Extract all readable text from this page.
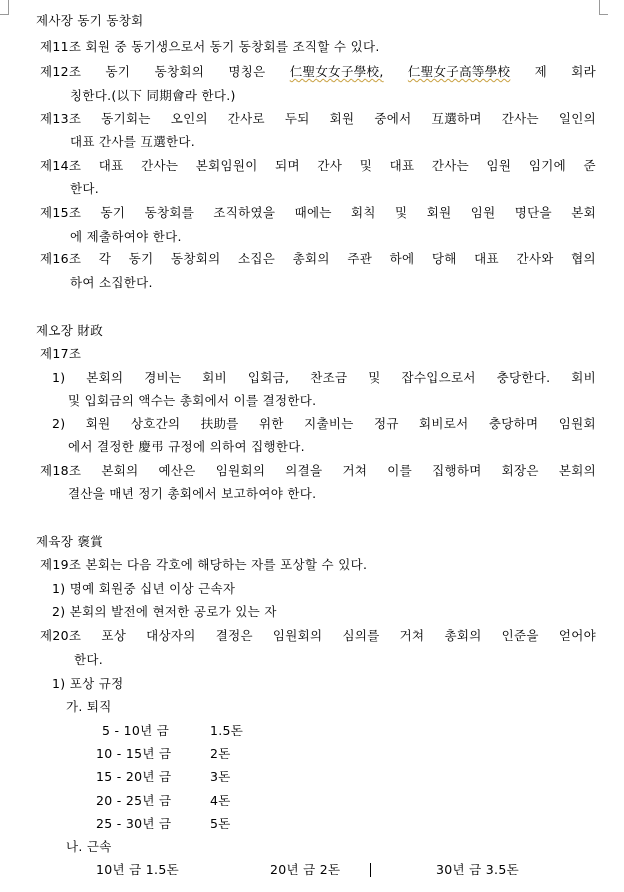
제사장 동기 동창회
제11조 회원 중 동기생으로서 동기 동창회를 조직할 수 있다.
제12조 동기 동창회의 명칭은 仁聖女女子學校, 仁聖女子高等學校 제 회라
칭한다.(以下 同期會라 한다.)
제13조 동기회는 오인의 간사로 두되 회원 중에서 互選하며 간사는 일인의
대표 간사를 互選한다.
제14조 대표 간사는 본회임원이 되며 간사 및 대표 간사는 임원 임기에 준
한다.
제15조 동기 동창회를 조직하였을 때에는 회칙 및 회원 임원 명단을 본회
에 제출하여야 한다.
제16조 각 동기 동창회의 소집은 총회의 주관 하에 당해 대표 간사와 협의
하여 소집한다.
제오장 財政
제17조
1) 본회의 경비는 회비 입회금, 찬조금 및 잡수입으로서 충당한다. 회비
및 입회금의 액수는 총회에서 이를 결정한다.
2) 회원 상호간의 扶助를 위한 지출비는 정규 회비로서 충당하며 임원회
에서 결정한 慶弔 규정에 의하여 집행한다.
제18조 본회의 예산은 임원회의 의결을 거쳐 이를 집행하며 회장은 본회의
결산을 매년 정기 총회에서 보고하여야 한다.
제육장 褒賞
제19조 본회는 다음 각호에 해당하는 자를 포상할 수 있다.
1) 명예 회원중 십년 이상 근속자
2) 본회의 발전에 현저한 공로가 있는 자
제20조 포상 대상자의 결정은 임원회의 심의를 거쳐 총회의 인준을 얻어야
한다.
1) 포상 규정
가. 퇴직
5 - 10년 금	1.5돈
10 - 15년 금	2돈
15 - 20년 금	3돈
20 - 25년 금	4돈
25 - 30년 금	5돈
나. 근속
10년 금 1.5돈	20년 금 2돈	30년 금 3.5돈
